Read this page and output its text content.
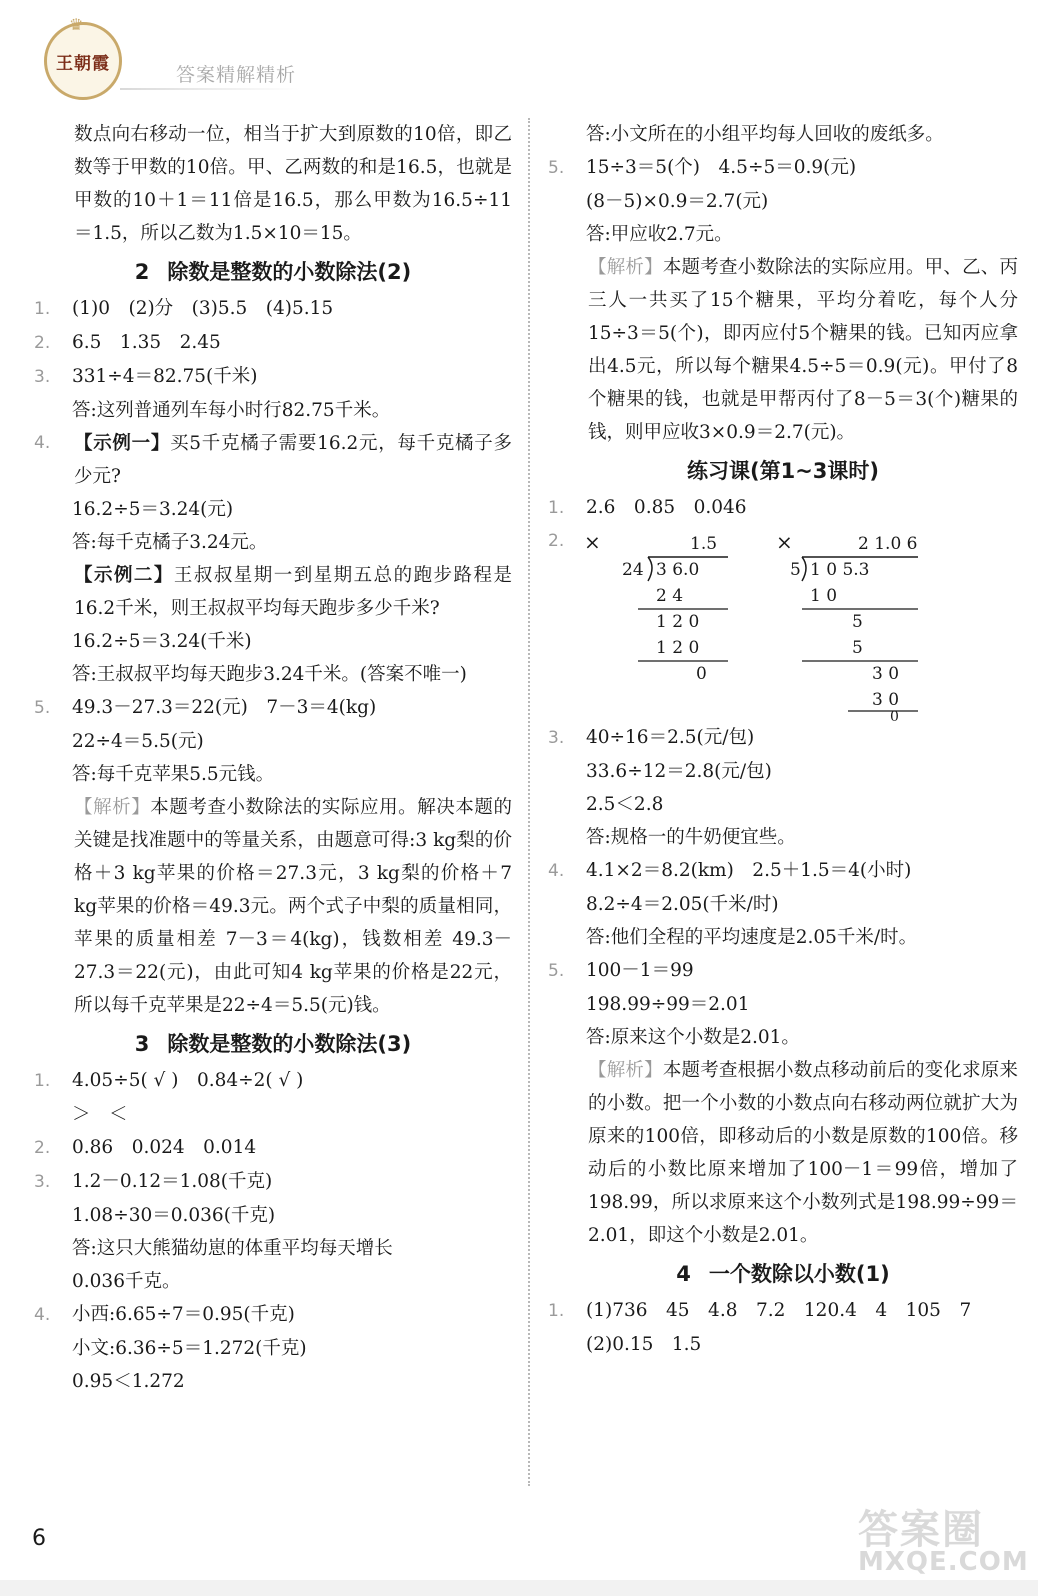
♛
王朝霞
答案精解精析
数点向右移动一位，相当于扩大到原数的10倍，即乙数等于甲数的10倍。甲、乙两数的和是16.5，也就是甲数的10＋1＝11倍是16.5，那么甲数为16.5÷11＝1.5，所以乙数为1.5×10＝15。
2 除数是整数的小数除法(2)
1. (1)0　(2)分　(3)5.5　(4)5.15
2. 6.5　1.35　2.45
3. 331÷4＝82.75(千米)
答:这列普通列车每小时行82.75千米。
4.	【示例一】买5千克橘子需要16.2元，每千克橘子多少元?
16.2÷5＝3.24(元)
答:每千克橘子3.24元。
【示例二】王叔叔星期一到星期五总的跑步路程是16.2千米，则王叔叔平均每天跑步多少千米?
16.2÷5＝3.24(千米)
答:王叔叔平均每天跑步3.24千米。(答案不唯一)
5. 49.3－27.3＝22(元)　7－3＝4(kg)
22÷4＝5.5(元)
答:每千克苹果5.5元钱。
【解析】本题考查小数除法的实际应用。解决本题的关键是找准题中的等量关系，由题意可得:3 kg梨的价格＋3 kg苹果的价格＝27.3元，3 kg梨的价格＋7 kg苹果的价格＝49.3元。两个式子中梨的质量相同，苹果的质量相差 7－3＝4(kg)，钱数相差 49.3－27.3＝22(元)，由此可知4 kg苹果的价格是22元，所以每千克苹果是22÷4＝5.5(元)钱。
3 除数是整数的小数除法(3)
1. 4.05÷5( √ )　0.84÷2( √ )
＞　＜
2. 0.86　0.024　0.014
3. 1.2－0.12＝1.08(千克)
1.08÷30＝0.036(千克)
答:这只大熊猫幼崽的体重平均每天增长
0.036千克。
4. 小西:6.65÷7＝0.95(千克)
小文:6.36÷5＝1.272(千克)
0.95＜1.272
答:小文所在的小组平均每人回收的废纸多。
5. 15÷3＝5(个)　4.5÷5＝0.9(元)
(8－5)×0.9＝2.7(元)
答:甲应收2.7元。
【解析】本题考查小数除法的实际应用。甲、乙、丙三人一共买了15个糖果，平均分着吃，每个人分15÷3＝5(个)，即丙应付5个糖果的钱。已知丙应拿出4.5元，所以每个糖果4.5÷5＝0.9(元)。甲付了8个糖果的钱，也就是甲帮丙付了8－5＝3(个)糖果的钱，则甲应收3×0.9＝2.7(元)。
练习课(第1~3课时)
1. 2.6　0.85　0.046
2. ×	×
1.5
24 3 6.0
2 4
1 2 0
1 2 0
0
2 1.0 6
5 1 0 5.3
1 0
5
5
3 0
3 0
0
3. 40÷16＝2.5(元/包)
33.6÷12＝2.8(元/包)
2.5＜2.8
答:规格一的牛奶便宜些。
4. 4.1×2＝8.2(km)　2.5＋1.5＝4(小时)
8.2÷4＝2.05(千米/时)
答:他们全程的平均速度是2.05千米/时。
5. 100－1＝99
198.99÷99＝2.01
答:原来这个小数是2.01。
【解析】本题考查根据小数点移动前后的变化求原来的小数。把一个小数的小数点向右移动两位就扩大为原来的100倍，即移动后的小数是原数的100倍。移动后的小数比原来增加了100－1＝99倍，增加了198.99，所以求原来这个小数列式是198.99÷99＝2.01，即这个小数是2.01。
4 一个数除以小数(1)
1. (1)736　45　4.8　7.2　120.4　4　105　7
(2)0.15　1.5
6	答案圈
MXQE.COM
